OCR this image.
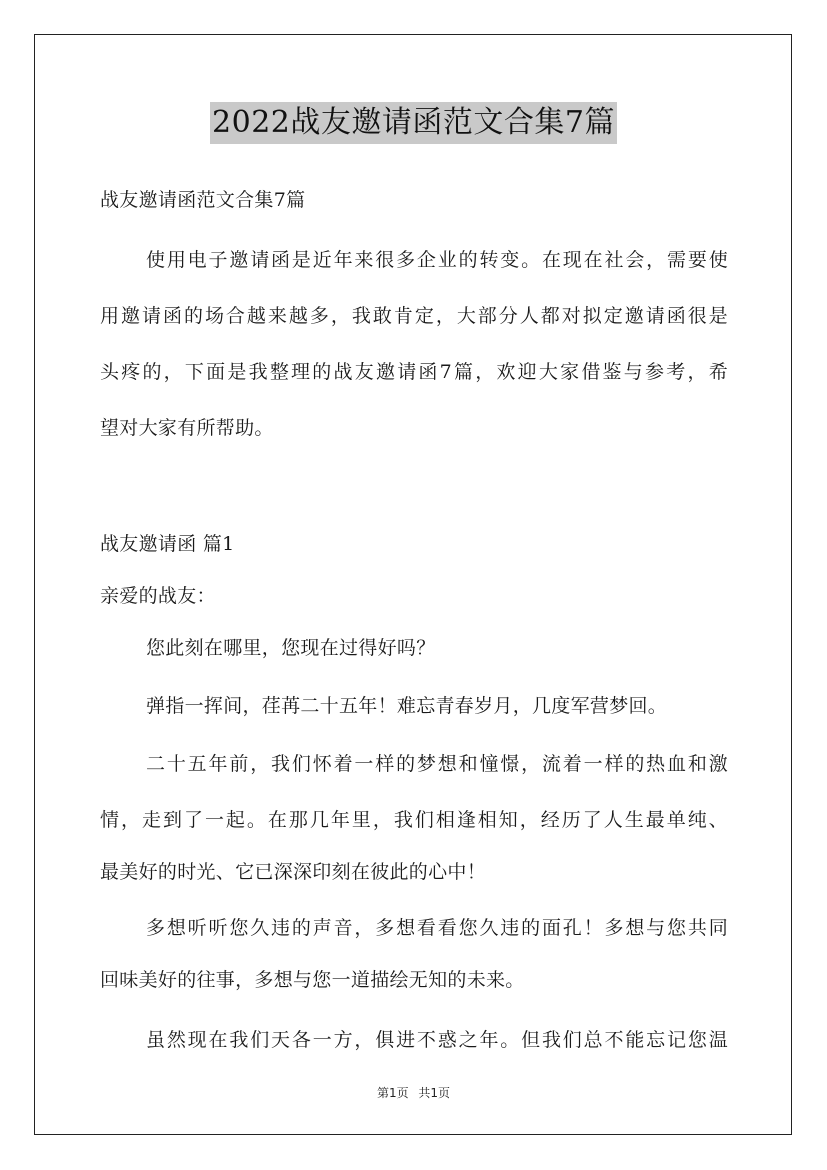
2022战友邀请函范文合集7篇

战友邀请函范文合集7篇

使用电子邀请函是近年来很多企业的转变。在现在社会，需要使

用邀请函的场合越来越多，我敢肯定，大部分人都对拟定邀请函很是

头疼的，下面是我整理的战友邀请函7篇，欢迎大家借鉴与参考，希

望对大家有所帮助。

战友邀请函 篇1

亲爱的战友：

您此刻在哪里，您现在过得好吗？

弹指一挥间，荏苒二十五年！难忘青春岁月，几度军营梦回。

二十五年前，我们怀着一样的梦想和憧憬，流着一样的热血和激

情，走到了一起。在那几年里，我们相逢相知，经历了人生最单纯、

最美好的时光、它已深深印刻在彼此的心中！

多想听听您久违的声音，多想看看您久违的面孔！多想与您共同

回味美好的往事，多想与您一道描绘无知的未来。

虽然现在我们天各一方，俱进不惑之年。但我们总不能忘记您温

第1页 共1页
